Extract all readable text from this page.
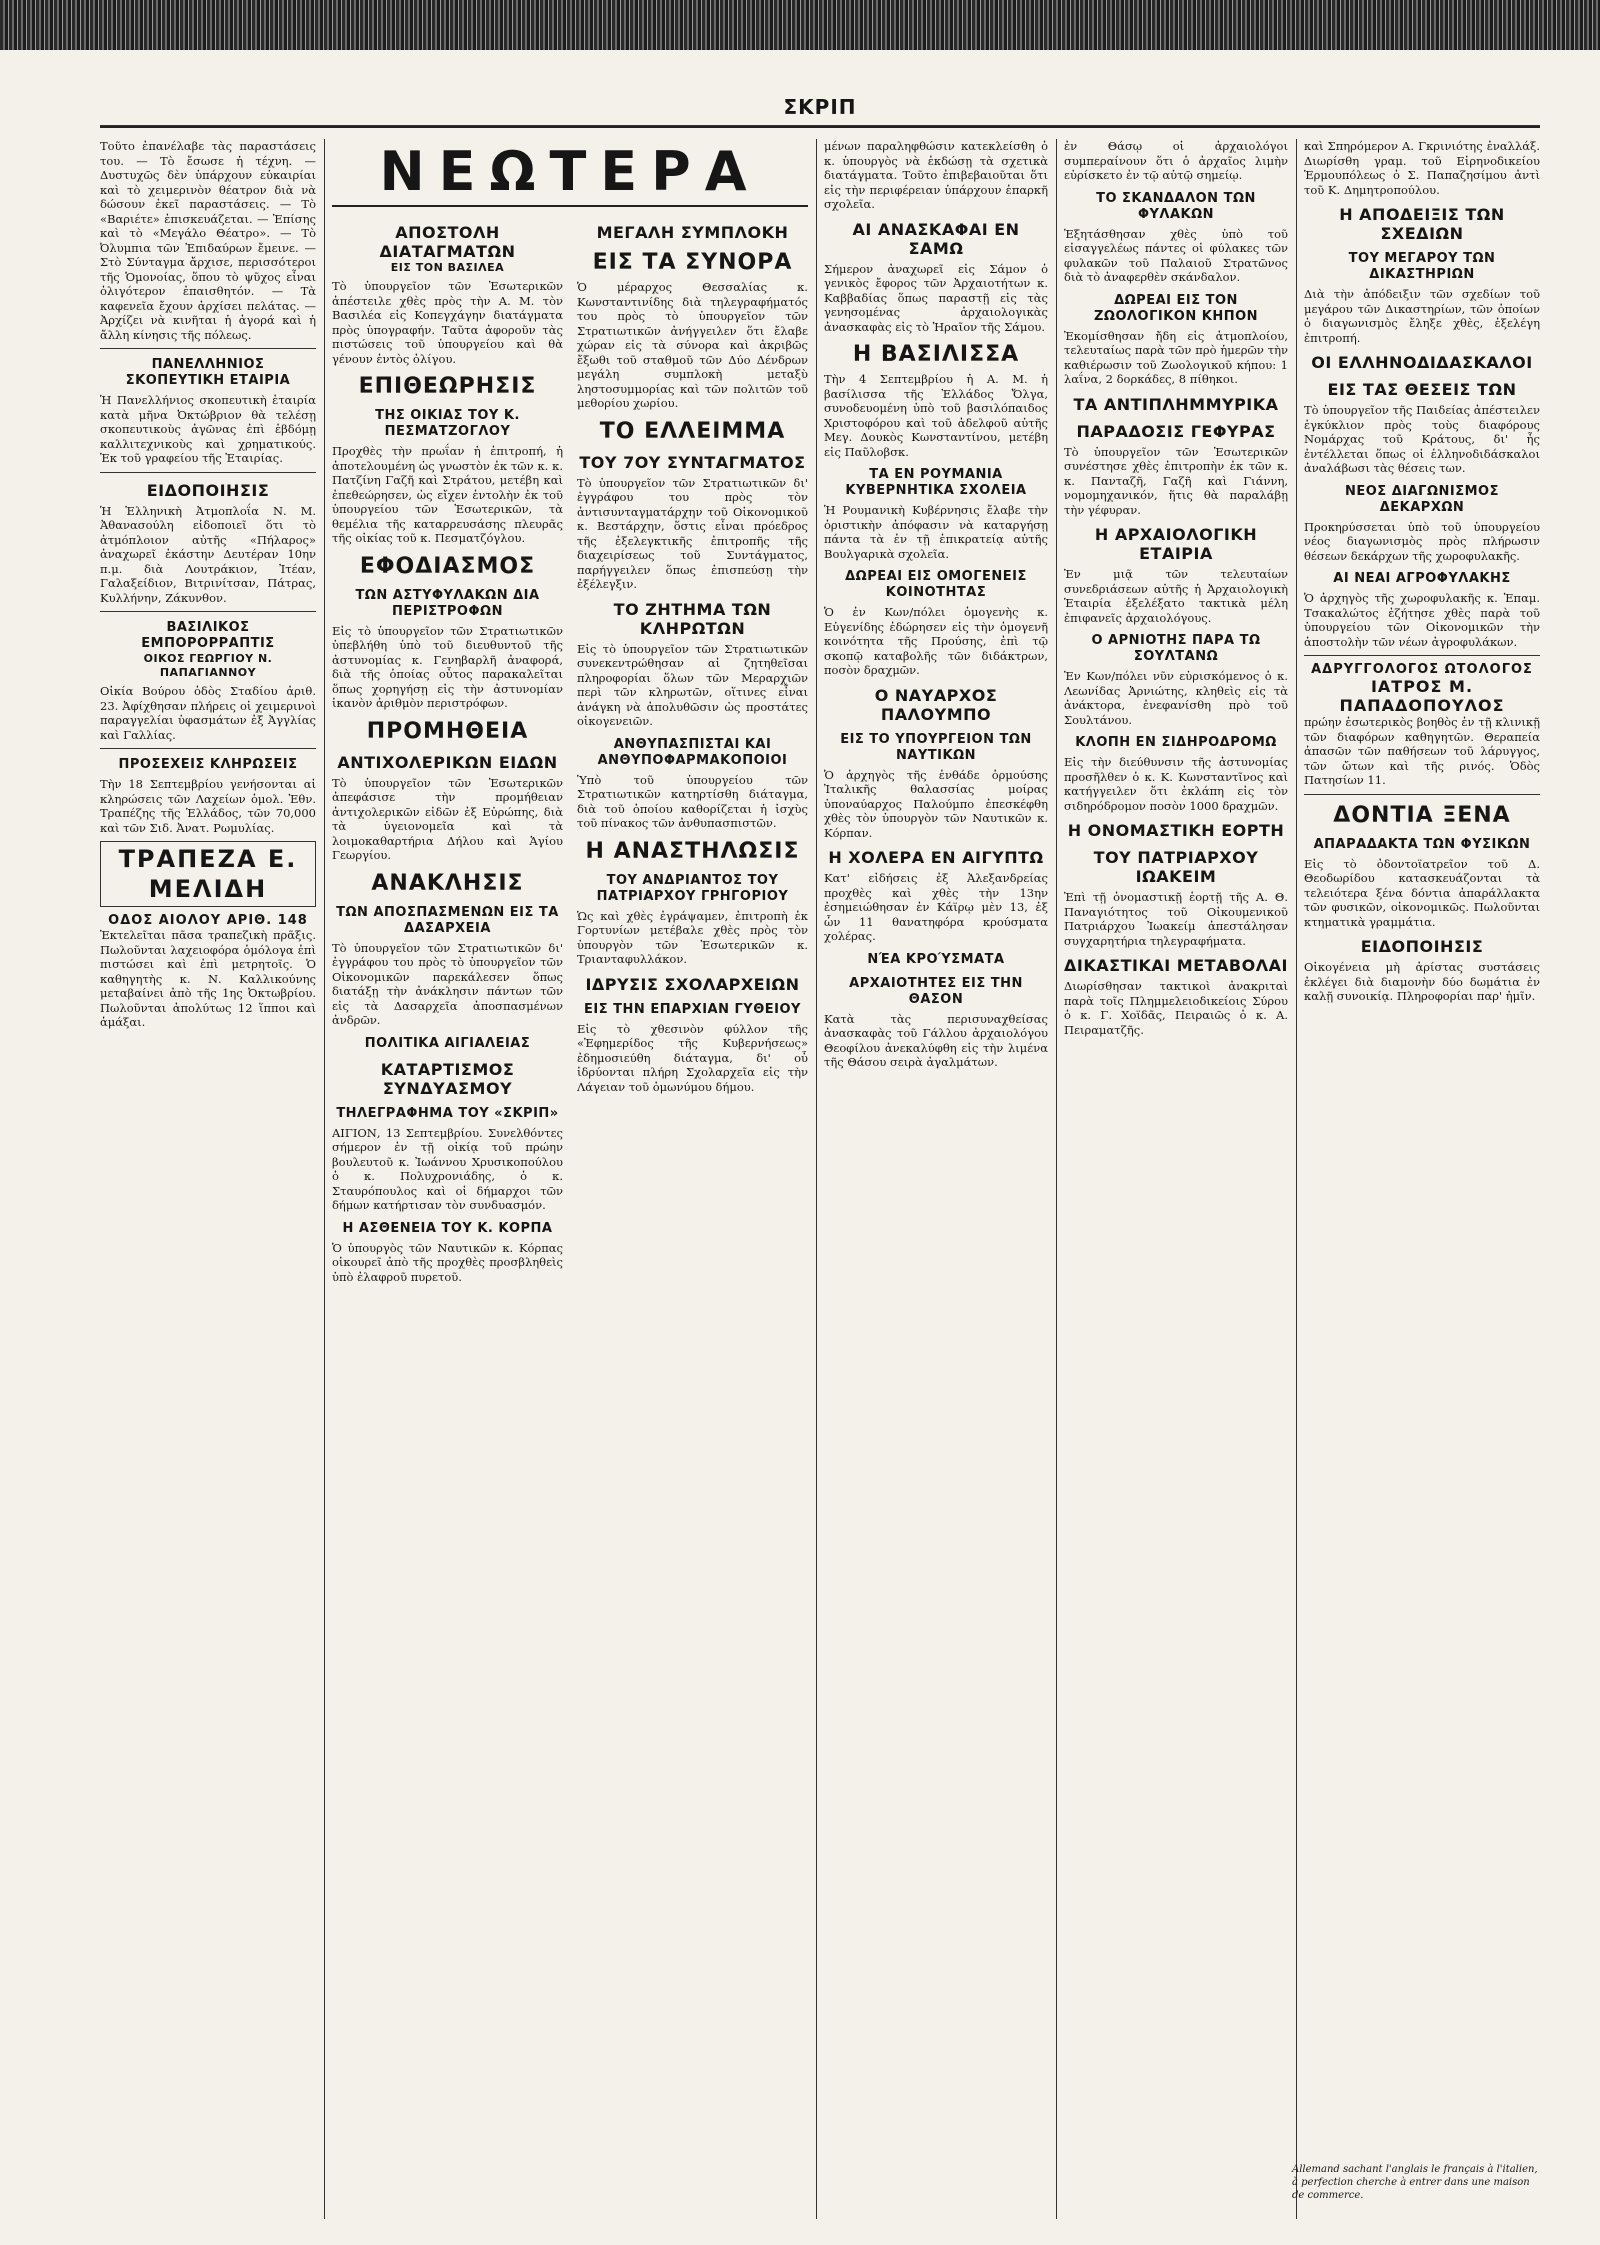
ΣΚΡΙΠ

Τοῦτο ἐπανέλαβε τὰς παραστάσεις του. — Τὸ ἔσωσε ἡ τέχνη. — Δυστυχῶς δὲν ὑπάρχουν εὐκαιρίαι καὶ τὸ χειμερινὸν θέατρον διὰ νὰ δώσουν ἐκεῖ παραστάσεις. — Τὸ «Βαριέτε» ἐπισκευάζεται. — Ἐπίσης καὶ τὸ «Μεγάλο Θέατρο». — Τὸ Ὀλυμπια τῶν Ἐπιδαύρων ἔμεινε. — Στὸ Σύνταγμα ἄρχισε, περισσότεροι τῆς Ὁμονοίας, ὅπου τὸ ψῦχος εἶναι ὀλιγότερον ἐπαισθητόν. — Τὰ καφενεῖα ἔχουν ἀρχίσει πελάτας. — Ἀρχίζει νὰ κινῆται ἡ ἀγορά καὶ ἡ ἄλλη κίνησις τῆς πόλεως.

ΠΑΝΕΛΛΗΝΙΟΣ ΣΚΟΠΕΥΤΙΚΗ ΕΤΑΙΡΙΑ

Ἡ Πανελλήνιος σκοπευτικὴ ἑταιρία κατὰ μῆνα Ὀκτώβριον θὰ τελέσῃ σκοπευτικοὺς ἀγῶνας ἐπὶ ἑβδόμῃ καλλιτεχνικοὺς καὶ χρηματικούς. Ἐκ τοῦ γραφείου τῆς Ἑταιρίας.

ΕΙΔΟΠΟΙΗΣΙΣ

Ἡ Ἑλληνικὴ Ἀτμοπλοΐα Ν. Μ. Ἀθανασούλη εἰδοποιεῖ ὅτι τὸ ἀτμόπλοιον αὐτῆς «Πήλαρος» ἀναχωρεῖ ἐκάστην Δευτέραν 10ην π.μ. διὰ Λουτράκιον, Ἰτέαν, Γαλαξείδιον, Βιτρινίτσαν, Πάτρας, Κυλλήνην, Ζάκυνθον.

ΒΑΣΙΛΙΚΟΣ ΕΜΠΟΡΟΡΡΑΠΤΙΣ
ΟΙΚΟΣ ΓΕΩΡΓΙΟΥ Ν. ΠΑΠΑΓΙΑΝΝΟΥ

Οἰκία Βούρου ὁδὸς Σταδίου ἀριθ. 23. Ἀφίχθησαν πλήρεις οἱ χειμερινοὶ παραγγελίαι ὑφασμάτων ἐξ Ἀγγλίας καὶ Γαλλίας.

ΠΡΟΣΕΧΕΙΣ ΚΛΗΡΩΣΕΙΣ

Τὴν 18 Σεπτεμβρίου γενήσονται αἱ κληρώσεις τῶν Λαχείων ὁμολ. Ἐθν. Τραπέζης τῆς Ἑλλάδος, τῶν 70,000 καὶ τῶν Σιδ. Ἀνατ. Ρωμυλίας.

ΤΡΑΠΕΖΑ Ε. ΜΕΛΙΔΗ
ΟΔΟΣ ΑΙΟΛΟΥ ΑΡΙΘ. 148

Ἐκτελεῖται πᾶσα τραπεζικὴ πρᾶξις. Πωλοῦνται λαχειοφόρα ὁμόλογα ἐπὶ πιστώσει καὶ ἐπὶ μετρητοῖς. Ὁ καθηγητὴς κ. Ν. Καλλικούνης μεταβαίνει ἀπὸ τῆς 1ης Ὀκτωβρίου. Πωλοῦνται ἀπολύτως 12 ἵπποι καὶ ἁμάξαι.

ΝΕΩΤΕΡΑ
ΑΠΟΣΤΟΛΗ ΔΙΑΤΑΓΜΑΤΩΝ
ΕΙΣ ΤΟΝ ΒΑΣΙΛΕΑ

Τὸ ὑπουργεῖον τῶν Ἐσωτερικῶν ἀπέστειλε χθὲς πρὸς τὴν Α. Μ. τὸν Βασιλέα εἰς Κοπεγχάγην διατάγματα πρὸς ὑπογραφήν. Ταῦτα ἀφοροῦν τὰς πιστώσεις τοῦ ὑπουργείου καὶ θὰ γένουν ἐντὸς ὀλίγου.

ΕΠΙΘΕΩΡΗΣΙΣ
ΤΗΣ ΟΙΚΙΑΣ ΤΟΥ Κ. ΠΕΣΜΑΤΖΟΓΛΟΥ

Προχθὲς τὴν πρωΐαν ἡ ἐπιτροπή, ἡ ἀποτελουμένη ὡς γνωστὸν ἐκ τῶν κ. κ. Πατζίνη Γαζῆ καὶ Στράτου, μετέβη καὶ ἐπεθεώρησεν, ὡς εἴχεν ἐντολὴν ἐκ τοῦ ὑπουργείου τῶν Ἐσωτερικῶν, τὰ θεμέλια τῆς καταρρευσάσης πλευρᾶς τῆς οἰκίας τοῦ κ. Πεσματζόγλου.

ΕΦΟΔΙΑΣΜΟΣ
ΤΩΝ ΑΣΤΥΦΥΛΑΚΩΝ ΔΙΑ ΠΕΡΙΣΤΡΟΦΩΝ

Εἰς τὸ ὑπουργεῖον τῶν Στρατιωτικῶν ὑπεβλήθη ὑπὸ τοῦ διευθυντοῦ τῆς ἀστυνομίας κ. Γενηβαρλῆ ἀναφορά, διὰ τῆς ὁποίας οὗτος παρακαλεῖται ὅπως χορηγήσῃ εἰς τὴν ἀστυνομίαν ἱκανὸν ἀριθμὸν περιστρόφων.

ΠΡΟΜΗΘΕΙΑ
ΑΝΤΙΧΟΛΕΡΙΚΩΝ ΕΙΔΩΝ

Τὸ ὑπουργεῖον τῶν Ἐσωτερικῶν ἀπεφάσισε τὴν προμήθειαν ἀντιχολερικῶν εἰδῶν ἐξ Εὐρώπης, διὰ τὰ ὑγειονομεῖα καὶ τὰ λοιμοκαθαρτήρια Δήλου καὶ Ἁγίου Γεωργίου.

ΑΝΑΚΛΗΣΙΣ
ΤΩΝ ΑΠΟΣΠΑΣΜΕΝΩΝ ΕΙΣ ΤΑ ΔΑΣΑΡΧΕΙΑ

Τὸ ὑπουργεῖον τῶν Στρατιωτικῶν δι' ἐγγράφου του πρὸς τὸ ὑπουργεῖον τῶν Οἰκονομικῶν παρεκάλεσεν ὅπως διατάξῃ τὴν ἀνάκλησιν πάντων τῶν εἰς τὰ Δασαρχεῖα ἀποσπασμένων ἀνδρῶν.

ΠΟΛΙΤΙΚΑ ΑΙΓΙΑΛΕΙΑΣ
ΚΑΤΑΡΤΙΣΜΟΣ ΣΥΝΔΥΑΣΜΟΥ
ΤΗΛΕΓΡΑΦΗΜΑ ΤΟΥ «ΣΚΡΙΠ»

ΑΙΓΙΟΝ, 13 Σεπτεμβρίου. Συνελθόντες σήμερον ἐν τῇ οἰκίᾳ τοῦ πρώην βουλευτοῦ κ. Ἰωάννου Χρυσικοπούλου ὁ κ. Πολυχρονιάδης, ὁ κ. Σταυρόπουλος καὶ οἱ δήμαρχοι τῶν δήμων κατήρτισαν τὸν συνδυασμόν.

Η ΑΣΘΕΝΕΙΑ ΤΟΥ Κ. ΚΟΡΠΑ

Ὁ ὑπουργὸς τῶν Ναυτικῶν κ. Κόρπας οἰκουρεῖ ἀπὸ τῆς προχθὲς προσβληθεὶς ὑπὸ ἐλαφροῦ πυρετοῦ.

ΜΕΓΑΛΗ ΣΥΜΠΛΟΚΗ
ΕΙΣ ΤΑ ΣΥΝΟΡΑ

Ὁ μέραρχος Θεσσαλίας κ. Κωνσταντινίδης διὰ τηλεγραφήματός του πρὸς τὸ ὑπουργεῖον τῶν Στρατιωτικῶν ἀνήγγειλεν ὅτι ἔλαβε χώραν εἰς τὰ σύνορα καὶ ἀκριβῶς ἔξωθι τοῦ σταθμοῦ τῶν Δύο Δένδρων μεγάλη συμπλοκὴ μεταξὺ ληστοσυμμορίας καὶ τῶν πολιτῶν τοῦ μεθορίου χωρίου.

ΤΟ ΕΛΛΕΙΜΜΑ
ΤΟΥ 7ΟΥ ΣΥΝΤΑΓΜΑΤΟΣ

Τὸ ὑπουργεῖον τῶν Στρατιωτικῶν δι' ἐγγράφου του πρὸς τὸν ἀντισυνταγματάρχην τοῦ Οἰκονομικοῦ κ. Βεστάρχην, ὅστις εἶναι πρόεδρος τῆς ἐξελεγκτικῆς ἐπιτροπῆς τῆς διαχειρίσεως τοῦ Συντάγματος, παρήγγειλεν ὅπως ἐπισπεύσῃ τὴν ἐξέλεγξιν.

ΤΟ ΖΗΤΗΜΑ ΤΩΝ ΚΛΗΡΩΤΩΝ

Εἰς τὸ ὑπουργεῖον τῶν Στρατιωτικῶν συνεκεντρώθησαν αἱ ζητηθεῖσαι πληροφορίαι ὅλων τῶν Μεραρχιῶν περὶ τῶν κληρωτῶν, οἵτινες εἶναι ἀνάγκη νὰ ἀπολυθῶσιν ὡς προστάτες οἰκογενειῶν.

ΑΝΘΥΠΑΣΠΙΣΤΑΙ ΚΑΙ ΑΝΘΥΠΟΦΑΡΜΑΚΟΠΟΙΟΙ

Ὑπὸ τοῦ ὑπουργείου τῶν Στρατιωτικῶν κατηρτίσθη διάταγμα, διὰ τοῦ ὁποίου καθορίζεται ἡ ἰσχὺς τοῦ πίνακος τῶν ἀνθυπασπιστῶν.

Η ΑΝΑΣΤΗΛΩΣΙΣ
ΤΟΥ ΑΝΔΡΙΑΝΤΟΣ ΤΟΥ ΠΑΤΡΙΑΡΧΟΥ ΓΡΗΓΟΡΙΟΥ

Ὡς καὶ χθὲς ἐγράψαμεν, ἐπιτροπὴ ἐκ Γορτυνίων μετέβαλε χθὲς πρὸς τὸν ὑπουργὸν τῶν Ἐσωτερικῶν κ. Τριανταφυλλάκον.

ΙΔΡΥΣΙΣ ΣΧΟΛΑΡΧΕΙΩΝ
ΕΙΣ ΤΗΝ ΕΠΑΡΧΙΑΝ ΓΥΘΕΙΟΥ

Εἰς τὸ χθεσινὸν φύλλον τῆς «Ἐφημερίδος τῆς Κυβερνήσεως» ἐδημοσιεύθη διάταγμα, δι' οὗ ἱδρύονται πλήρη Σχολαρχεῖα εἰς τὴν Λάγειαν τοῦ ὁμωνύμου δήμου.

μένων παραληφθώσιν κατεκλείσθη ὁ κ. ὑπουργὸς νὰ ἐκδώσῃ τὰ σχετικὰ διατάγματα. Τοῦτο ἐπιβεβαιοῦται ὅτι εἰς τὴν περιφέρειαν ὑπάρχουν ἐπαρκῆ σχολεῖα.

ΑΙ ΑΝΑΣΚΑΦΑΙ ΕΝ ΣΑΜΩ

Σήμερον ἀναχωρεῖ εἰς Σάμον ὁ γενικὸς ἔφορος τῶν Ἀρχαιοτήτων κ. Καββαδίας ὅπως παραστῇ εἰς τὰς γενησομένας ἀρχαιολογικὰς ἀνασκαφὰς εἰς τὸ Ἡραῖον τῆς Σάμου.

Η ΒΑΣΙΛΙΣΣΑ

Τὴν 4 Σεπτεμβρίου ἡ Α. Μ. ἡ βασίλισσα τῆς Ἑλλάδος Ὄλγα, συνοδευομένη ὑπὸ τοῦ βασιλόπαιδος Χριστοφόρου καὶ τοῦ ἀδελφοῦ αὐτῆς Μεγ. Δουκὸς Κωνσταντίνου, μετέβη εἰς Παῦλοβσκ.

ΤΑ ΕΝ ΡΟΥΜΑΝΙΑ ΚΥΒΕΡΝΗΤΙΚΑ ΣΧΟΛΕΙΑ

Ἡ Ρουμανικὴ Κυβέρνησις ἔλαβε τὴν ὁριστικὴν ἀπόφασιν νὰ καταργήσῃ πάντα τὰ ἐν τῇ ἐπικρατείᾳ αὐτῆς Βουλγαρικὰ σχολεῖα.

ΔΩΡΕΑΙ ΕΙΣ ΟΜΟΓΕΝΕΙΣ ΚΟΙΝΟΤΗΤΑΣ

Ὁ ἐν Κων/πόλει ὁμογενὴς κ. Εὐγενίδης ἐδώρησεν εἰς τὴν ὁμογενῆ κοινότητα τῆς Προύσης, ἐπὶ τῷ σκοπῷ καταβολῆς τῶν διδάκτρων, ποσὸν δραχμῶν.

Ο ΝΑΥΑΡΧΟΣ ΠΑΛΟΥΜΠΟ
ΕΙΣ ΤΟ ΥΠΟΥΡΓΕΙΟΝ ΤΩΝ ΝΑΥΤΙΚΩΝ

Ὁ ἀρχηγὸς τῆς ἐνθάδε ὁρμούσης Ἰταλικῆς θαλασσίας μοίρας ὑποναύαρχος Παλούμπο ἐπεσκέφθη χθὲς τὸν ὑπουργὸν τῶν Ναυτικῶν κ. Κόρπαν.

Η ΧΟΛΕΡΑ ΕΝ ΑΙΓΥΠΤΩ

Κατ' εἰδήσεις ἐξ Ἀλεξανδρείας προχθὲς καὶ χθὲς τὴν 13ην ἐσημειώθησαν ἐν Κάϊρῳ μὲν 13, ἐξ ὧν 11 θανατηφόρα κρούσματα χολέρας.

ΝΈΑ ΚΡΟΎΣΜΑΤΑ
ΑΡΧΑΙΟΤΗΤΕΣ ΕΙΣ ΤΗΝ ΘΑΣΟΝ

Κατὰ τὰς περισυναχθείσας ἀνασκαφὰς τοῦ Γάλλου ἀρχαιολόγου Θεοφίλου ἀνεκαλύφθη εἰς τὴν λιμένα τῆς Θάσου σειρὰ ἀγαλμάτων.

ἐν Θάσῳ οἱ ἀρχαιολόγοι συμπεραίνουν ὅτι ὁ ἀρχαῖος λιμὴν εὑρίσκετο ἐν τῷ αὐτῷ σημείῳ.

ΤΟ ΣΚΑΝΔΑΛΟΝ ΤΩΝ ΦΥΛΑΚΩΝ

Ἐξητάσθησαν χθὲς ὑπὸ τοῦ εἰσαγγελέως πάντες οἱ φύλακες τῶν φυλακῶν τοῦ Παλαιοῦ Στρατῶνος διὰ τὸ ἀναφερθὲν σκάνδαλον.

ΔΩΡΕΑΙ ΕΙΣ ΤΟΝ ΖΩΟΛΟΓΙΚΟΝ ΚΗΠΟΝ

Ἐκομίσθησαν ἤδη εἰς ἀτμοπλοίου, τελευταίως παρὰ τῶν πρὸ ἡμερῶν τὴν καθιέρωσιν τοῦ Ζωολογικοῦ κήπου: 1 λαΐνα, 2 δορκάδες, 8 πίθηκοι.

ΤΑ ΑΝΤΙΠΛΗΜΜΥΡΙΚΑ
ΠΑΡΑΔΟΣΙΣ ΓΕΦΥΡΑΣ

Τὸ ὑπουργεῖον τῶν Ἐσωτερικῶν συνέστησε χθὲς ἐπιτροπὴν ἐκ τῶν κ. κ. Πανταζῆ, Γαζῆ καὶ Γιάννη, νομομηχανικόν, ἥτις θὰ παραλάβῃ τὴν γέφυραν.

Η ΑΡΧΑΙΟΛΟΓΙΚΗ ΕΤΑΙΡΙΑ

Ἐν μιᾷ τῶν τελευταίων συνεδριάσεων αὐτῆς ἡ Ἀρχαιολογικὴ Ἑταιρία ἐξελέξατο τακτικὰ μέλη ἐπιφανεῖς ἀρχαιολόγους.

Ο ΑΡΝΙΟΤΗΣ ΠΑΡΑ ΤΩ ΣΟΥΛΤΑΝΩ

Ἐν Κων/πόλει νῦν εὑρισκόμενος ὁ κ. Λεωνίδας Ἀρνιώτης, κληθεὶς εἰς τὰ ἀνάκτορα, ἐνεφανίσθη πρὸ τοῦ Σουλτάνου.

ΚΛΟΠΗ ΕΝ ΣΙΔΗΡΟΔΡΟΜΩ

Εἰς τὴν διεύθυνσιν τῆς ἀστυνομίας προσῆλθεν ὁ κ. Κ. Κωνσταντῖνος καὶ κατήγγειλεν ὅτι ἐκλάπη εἰς τὸν σιδηρόδρομον ποσὸν 1000 δραχμῶν.

Η ΟΝΟΜΑΣΤΙΚΗ ΕΟΡΤΗ
ΤΟΥ ΠΑΤΡΙΑΡΧΟΥ ΙΩΑΚΕΙΜ

Ἐπὶ τῇ ὀνομαστικῇ ἑορτῇ τῆς Α. Θ. Παναγιότητος τοῦ Οἰκουμενικοῦ Πατριάρχου Ἰωακείμ ἀπεστάλησαν συγχαρητήρια τηλεγραφήματα.

ΔΙΚΑΣΤΙΚΑΙ ΜΕΤΑΒΟΛΑΙ

Διωρίσθησαν τακτικοὶ ἀνακριταὶ παρὰ τοῖς Πλημμελειοδικείοις Σύρου ὁ κ. Γ. Χοϊδᾶς, Πειραιῶς ὁ κ. Α. Πειραματζῆς.

καὶ Σπηρόμερον Α. Γκρινιότης ἐναλλάξ. Διωρίσθη γραμ. τοῦ Εἰρηνοδικείου Ἑρμουπόλεως ὁ Σ. Παπαζησίμου ἀντὶ τοῦ Κ. Δημητροπούλου.

Η ΑΠΟΔΕΙΞΙΣ ΤΩΝ ΣΧΕΔΙΩΝ
ΤΟΥ ΜΕΓΑΡΟΥ ΤΩΝ ΔΙΚΑΣΤΗΡΙΩΝ

Διὰ τὴν ἀπόδειξιν τῶν σχεδίων τοῦ μεγάρου τῶν Δικαστηρίων, τῶν ὁποίων ὁ διαγωνισμὸς ἔληξε χθὲς, ἐξελέγη ἐπιτροπή.

ΟΙ ΕΛΛΗΝΟΔΙΔΑΣΚΑΛΟΙ
ΕΙΣ ΤΑΣ ΘΕΣΕΙΣ ΤΩΝ

Τὸ ὑπουργεῖον τῆς Παιδείας ἀπέστειλεν ἐγκύκλιον πρὸς τοὺς διαφόρους Νομάρχας τοῦ Κράτους, δι' ἧς ἐντέλλεται ὅπως οἱ ἑλληνοδιδάσκαλοι ἀναλάβωσι τὰς θέσεις των.

ΝΕΟΣ ΔΙΑΓΩΝΙΣΜΟΣ ΔΕΚΑΡΧΩΝ

Προκηρύσσεται ὑπὸ τοῦ ὑπουργείου νέος διαγωνισμὸς πρὸς πλήρωσιν θέσεων δεκάρχων τῆς χωροφυλακῆς.

ΑΙ ΝΕΑΙ ΑΓΡΟΦΥΛΑΚΗΣ

Ὁ ἀρχηγὸς τῆς χωροφυλακῆς κ. Ἐπαμ. Τσακαλώτος ἐζήτησε χθὲς παρὰ τοῦ ὑπουργείου τῶν Οἰκονομικῶν τὴν ἀποστολὴν τῶν νέων ἀγροφυλάκων.

ΑΔΡΥΓΓΟΛΟΓΟΣ ΩΤΟΛΟΓΟΣ
ΙΑΤΡΟΣ Μ. ΠΑΠΑΔΟΠΟΥΛΟΣ

πρώην ἐσωτερικὸς βοηθὸς ἐν τῇ κλινικῇ τῶν διαφόρων καθηγητῶν. Θεραπεία ἁπασῶν τῶν παθήσεων τοῦ λάρυγγος, τῶν ὤτων καὶ τῆς ρινός. Ὁδὸς Πατησίων 11.

ΔΟΝΤΙΑ ΞΕΝΑ
ΑΠΑΡΑΔΑΚΤΑ ΤΩΝ ΦΥΣΙΚΩΝ

Εἰς τὸ ὀδοντοϊατρεῖον τοῦ Δ. Θεοδωρίδου κατασκευάζονται τὰ τελειότερα ξένα δόντια ἀπαράλλακτα τῶν φυσικῶν, οἰκονομικῶς. Πωλοῦνται κτηματικὰ γραμμάτια.

ΕΙΔΟΠΟΙΗΣΙΣ

Οἰκογένεια μὴ ἀρίστας συστάσεις ἐκλέγει διὰ διαμονὴν δύο δωμάτια ἐν καλῇ συνοικίᾳ. Πληροφορίαι παρ' ἡμῖν.

Allemand sachant l'anglais le français à l'italien, à perfection cherche à entrer dans une maison de commerce.
